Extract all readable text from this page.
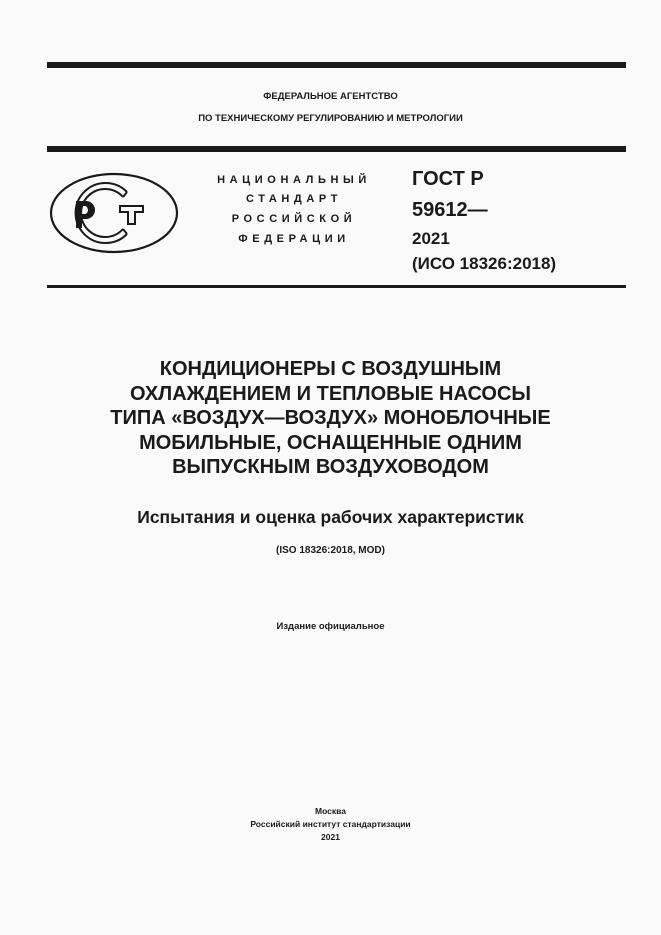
ФЕДЕРАЛЬНОЕ АГЕНТСТВО
ПО ТЕХНИЧЕСКОМУ РЕГУЛИРОВАНИЮ И МЕТРОЛОГИИ
НАЦИОНАЛЬНЫЙ
СТАНДАРТ
РОССИЙСКОЙ
ФЕДЕРАЦИИ
ГОСТ Р
59612—
2021
(ИСО 18326:2018)
КОНДИЦИОНЕРЫ С ВОЗДУШНЫМ
ОХЛАЖДЕНИЕМ И ТЕПЛОВЫЕ НАСОСЫ
ТИПА «ВОЗДУХ—ВОЗДУХ» МОНОБЛОЧНЫЕ
МОБИЛЬНЫЕ, ОСНАЩЕННЫЕ ОДНИМ
ВЫПУСКНЫМ ВОЗДУХОВОДОМ
Испытания и оценка рабочих характеристик
(ISO 18326:2018, MOD)
Издание официальное
Москва
Российский институт стандартизации
2021
